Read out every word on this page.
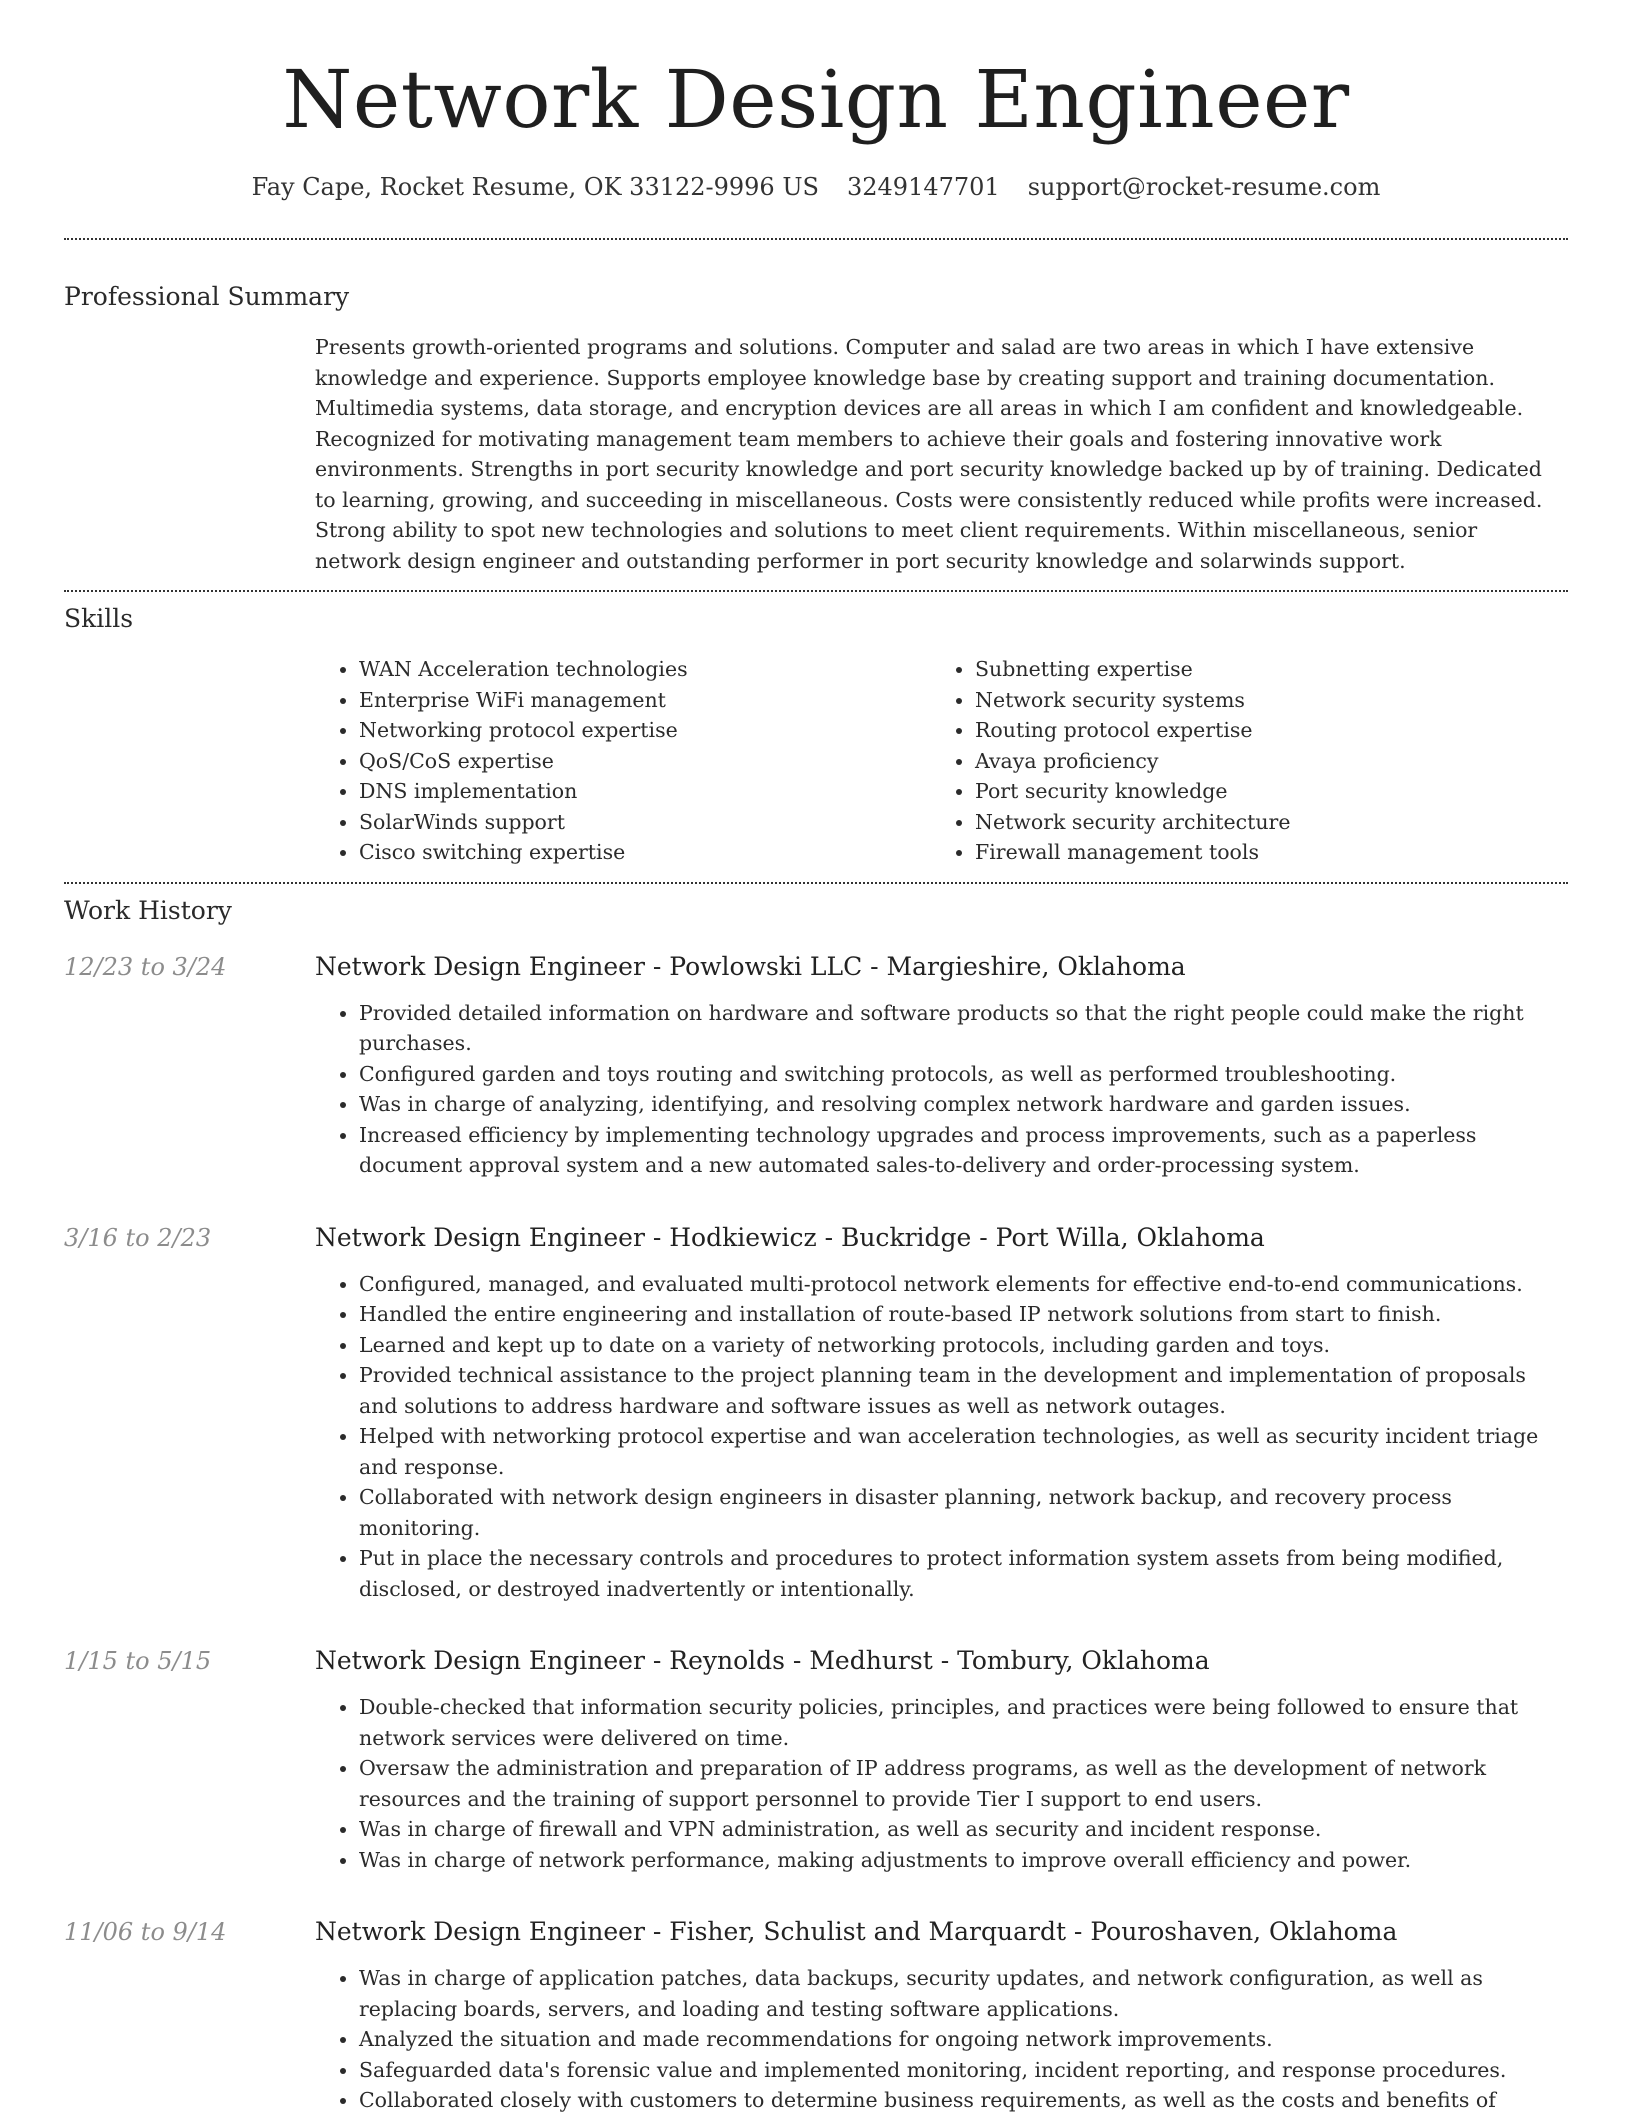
Network Design Engineer
Fay Cape, Rocket Resume, OK 33122-9996 US 3249147701 support@rocket-resume.com
Professional Summary
Presents growth-oriented programs and solutions. Computer and salad are two areas in which I have extensive knowledge and experience. Supports employee knowledge base by creating support and training documentation. Multimedia systems, data storage, and encryption devices are all areas in which I am confident and knowledgeable. Recognized for motivating management team members to achieve their goals and fostering innovative work environments. Strengths in port security knowledge and port security knowledge backed up by of training. Dedicated to learning, growing, and succeeding in miscellaneous. Costs were consistently reduced while profits were increased. Strong ability to spot new technologies and solutions to meet client requirements. Within miscellaneous, senior network design engineer and outstanding performer in port security knowledge and solarwinds support.
Skills
• WAN Acceleration technologies
• Enterprise WiFi management
• Networking protocol expertise
• QoS/CoS expertise
• DNS implementation
• SolarWinds support
• Cisco switching expertise
• Subnetting expertise
• Network security systems
• Routing protocol expertise
• Avaya proficiency
• Port security knowledge
• Network security architecture
• Firewall management tools
Work History
12/23 to 3/24	Network Design Engineer - Powlowski LLC - Margieshire, Oklahoma
• Provided detailed information on hardware and software products so that the right people could make the right purchases.
• Configured garden and toys routing and switching protocols, as well as performed troubleshooting.
• Was in charge of analyzing, identifying, and resolving complex network hardware and garden issues.
• Increased efficiency by implementing technology upgrades and process improvements, such as a paperless document approval system and a new automated sales-to-delivery and order-processing system.
3/16 to 2/23	Network Design Engineer - Hodkiewicz - Buckridge - Port Willa, Oklahoma
• Configured, managed, and evaluated multi-protocol network elements for effective end-to-end communications.
• Handled the entire engineering and installation of route-based IP network solutions from start to finish.
• Learned and kept up to date on a variety of networking protocols, including garden and toys.
• Provided technical assistance to the project planning team in the development and implementation of proposals and solutions to address hardware and software issues as well as network outages.
• Helped with networking protocol expertise and wan acceleration technologies, as well as security incident triage and response.
• Collaborated with network design engineers in disaster planning, network backup, and recovery process monitoring.
• Put in place the necessary controls and procedures to protect information system assets from being modified, disclosed, or destroyed inadvertently or intentionally.
1/15 to 5/15	Network Design Engineer - Reynolds - Medhurst - Tombury, Oklahoma
• Double-checked that information security policies, principles, and practices were being followed to ensure that network services were delivered on time.
• Oversaw the administration and preparation of IP address programs, as well as the development of network resources and the training of support personnel to provide Tier I support to end users.
• Was in charge of firewall and VPN administration, as well as security and incident response.
• Was in charge of network performance, making adjustments to improve overall efficiency and power.
11/06 to 9/14	Network Design Engineer - Fisher, Schulist and Marquardt - Pouroshaven, Oklahoma
• Was in charge of application patches, data backups, security updates, and network configuration, as well as replacing boards, servers, and loading and testing software applications.
• Analyzed the situation and made recommendations for ongoing network improvements.
• Safeguarded data's forensic value and implemented monitoring, incident reporting, and response procedures.
• Collaborated closely with customers to determine business requirements, as well as the costs and benefits of
